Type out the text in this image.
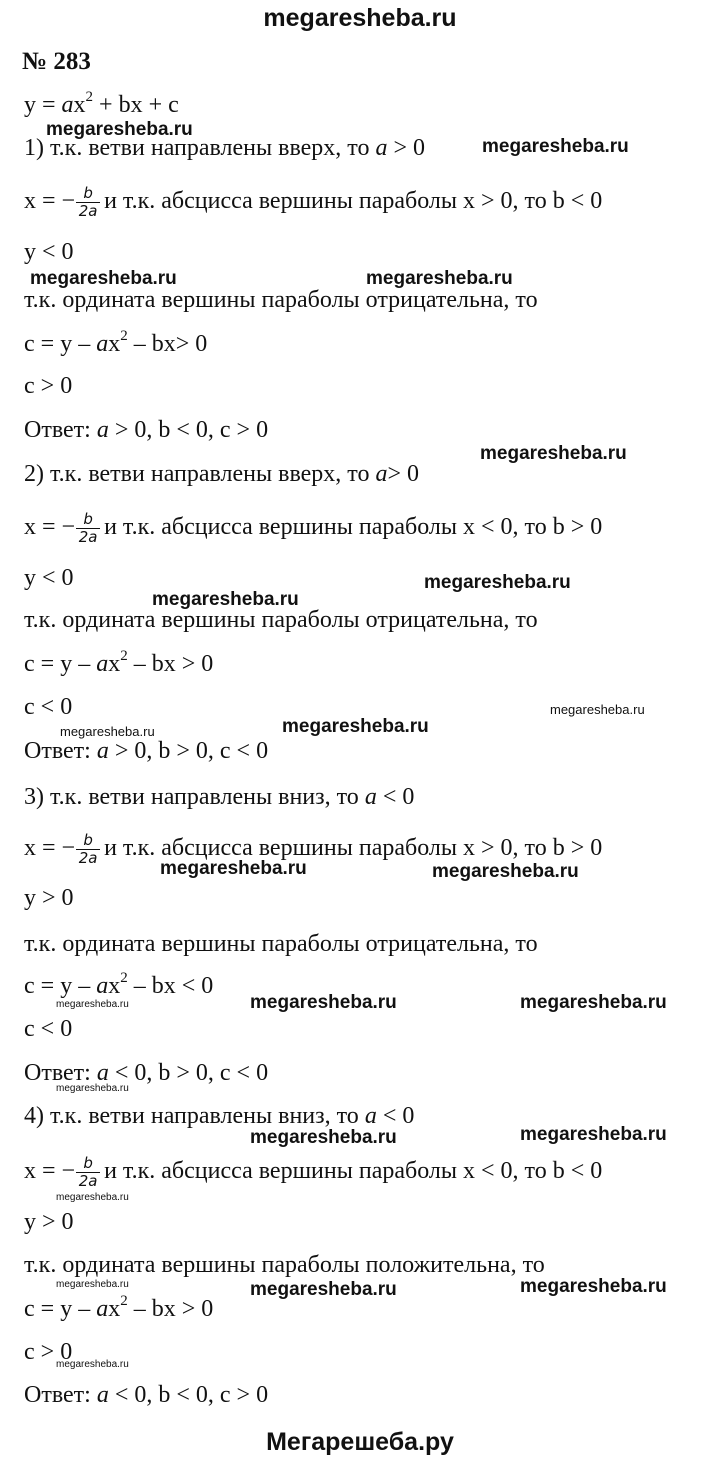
megaresheba.ru
№ 283
$y = ax^2$ + bx + c
1) т.к. ветви направлены вверх, то a > 0
x = − $\frac{b}{2a}$ и т.к. абсцисса вершины параболы x > 0, то b < 0
y < 0
т.к. ордината вершины параболы отрицательна, то
$c = y - ax^2 - bx> 0$
c > 0
Ответ: a > 0, b < 0, c > 0
2) т.к. ветви направлены вверх, то a> 0
x = − $\frac{b}{2a}$ и т.к. абсцисса вершины параболы x < 0, то b > 0
y < 0
т.к. ордината вершины параболы отрицательна, то
$c = y - ax^2$ – bx > 0
c < 0
Ответ: a > 0, b > 0, c < 0
3) т.к. ветви направлены вниз, то a < 0
x = − $\frac{b}{2a}$ и т.к. абсцисса вершины параболы x > 0, то b > 0
y > 0
т.к. ордината вершины параболы отрицательна, то
$c = y - ax^2$ – bx < 0
c < 0
Ответ: a < 0, b > 0, c < 0
4) т.к. ветви направлены вниз, то a < 0
x = − $\frac{b}{2a}$ и т.к. абсцисса вершины параболы x < 0, то b < 0
y > 0
т.к. ордината вершины параболы положительна, то
$c = y - ax^2$ – bx > 0
c > 0
Ответ: a < 0, b < 0, c > 0
megaresheba.ru
megaresheba.ru
megaresheba.ru	megaresheba.ru
megaresheba.ru
megaresheba.ru
megaresheba.ru
megaresheba.ru
megaresheba.ru	megaresheba.ru
megaresheba.ru	megaresheba.ru
megaresheba.ru	megaresheba.ru	megaresheba.ru
megaresheba.ru
megaresheba.ru	megaresheba.ru
megaresheba.ru
megaresheba.ru	megaresheba.ru	megaresheba.ru
megaresheba.ru
Мегарешеба.ру
